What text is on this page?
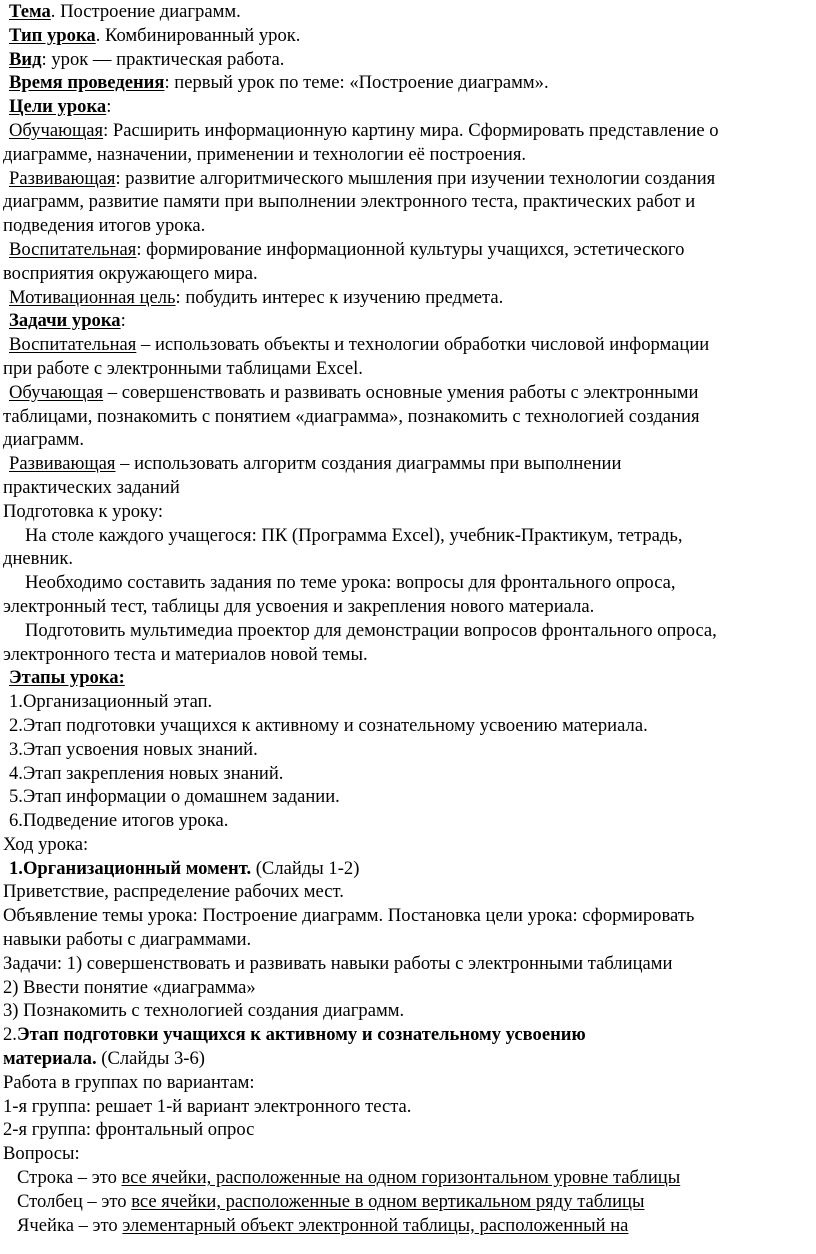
Тема. Построение диаграмм.
Тип урока. Комбинированный урок.
Вид: урок — практическая работа.
Время проведения: первый урок по теме: «Построение диаграмм».
Цели урока:
Обучающая: Расширить информационную картину мира. Сформировать представление о
диаграмме, назначении, применении и технологии её построения.
Развивающая: развитие алгоритмического мышления при изучении технологии создания
диаграмм, развитие памяти при выполнении электронного теста, практических работ и
подведения итогов урока.
Воспитательная: формирование информационной культуры учащихся, эстетического
восприятия окружающего мира.
Мотивационная цель: побудить интерес к изучению предмета.
Задачи урока:
Воспитательная – использовать объекты и технологии обработки числовой информации
при работе с электронными таблицами Excel.
Обучающая – совершенствовать и развивать основные умения работы с электронными
таблицами, познакомить с понятием «диаграмма», познакомить с технологией создания
диаграмм.
Развивающая – использовать алгоритм создания диаграммы при выполнении
практических заданий
Подготовка к уроку:
На столе каждого учащегося: ПК (Программа Excel), учебник-Практикум, тетрадь,
дневник.
Необходимо составить задания по теме урока: вопросы для фронтального опроса,
электронный тест, таблицы для усвоения и закрепления нового материала.
Подготовить мультимедиа проектор для демонстрации вопросов фронтального опроса,
электронного теста и материалов новой темы.
Этапы урока:
1.Организационный этап.
2.Этап подготовки учащихся к активному и сознательному усвоению материала.
3.Этап усвоения новых знаний.
4.Этап закрепления новых знаний.
5.Этап информации о домашнем задании.
6.Подведение итогов урока.
Ход урока:
1.Организационный момент. (Слайды 1-2)
Приветствие, распределение рабочих мест.
Объявление темы урока: Построение диаграмм. Постановка цели урока: сформировать
навыки работы с диаграммами.
Задачи: 1) совершенствовать и развивать навыки работы с электронными таблицами
2) Ввести понятие «диаграмма»
3) Познакомить с технологией создания диаграмм.
2.Этап подготовки учащихся к активному и сознательному усвоению
материала. (Слайды 3-6)
Работа в группах по вариантам:
1-я группа: решает 1-й вариант электронного теста.
2-я группа: фронтальный опрос
Вопросы:
Строка – это все ячейки, расположенные на одном горизонтальном уровне таблицы
Столбец – это все ячейки, расположенные в одном вертикальном ряду таблицы
Ячейка – это элементарный объект электронной таблицы, расположенный на
